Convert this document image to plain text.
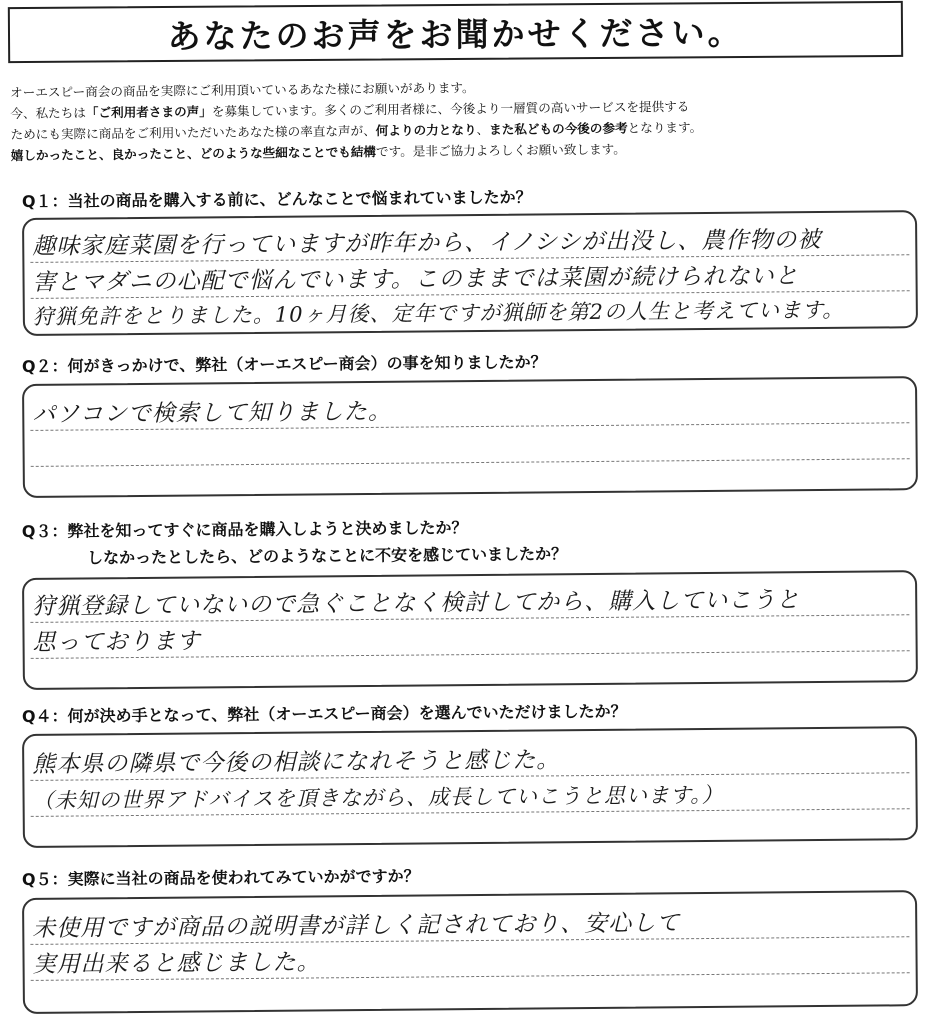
あなたのお声をお聞かせください。
オーエスピー商会の商品を実際にご利用頂いているあなた様にお願いがあります。
今、私たちは「ご利用者さまの声」を募集しています。多くのご利用者様に、今後より一層質の高いサービスを提供する
ためにも実際に商品をご利用いただいたあなた様の率直な声が、何よりの力となり、また私どもの今後の参考となります。
嬉しかったこと、良かったこと、どのような些細なことでも結構です。是非ご協力よろしくお願い致します。
Q１：当社の商品を購入する前に、どんなことで悩まれていましたか？
趣味家庭菜園を行っていますが昨年から、イノシシが出没し、農作物の被
害とマダニの心配で悩んでいます。このままでは菜園が続けられないと
狩猟免許をとりました。10ヶ月後、定年ですが猟師を第2の人生と考えています。
Q２：何がきっかけで、弊社（オーエスピー商会）の事を知りましたか？
パソコンで検索して知りました。
Q３：弊社を知ってすぐに商品を購入しようと決めましたか？
しなかったとしたら、どのようなことに不安を感じていましたか？
狩猟登録していないので急ぐことなく検討してから、購入していこうと
思っております
Q４：何が決め手となって、弊社（オーエスピー商会）を選んでいただけましたか？
熊本県の隣県で今後の相談になれそうと感じた。
（未知の世界アドバイスを頂きながら、成長していこうと思います。）
Q５：実際に当社の商品を使われてみていかがですか？
未使用ですが商品の説明書が詳しく記されており、安心して
実用出来ると感じました。
